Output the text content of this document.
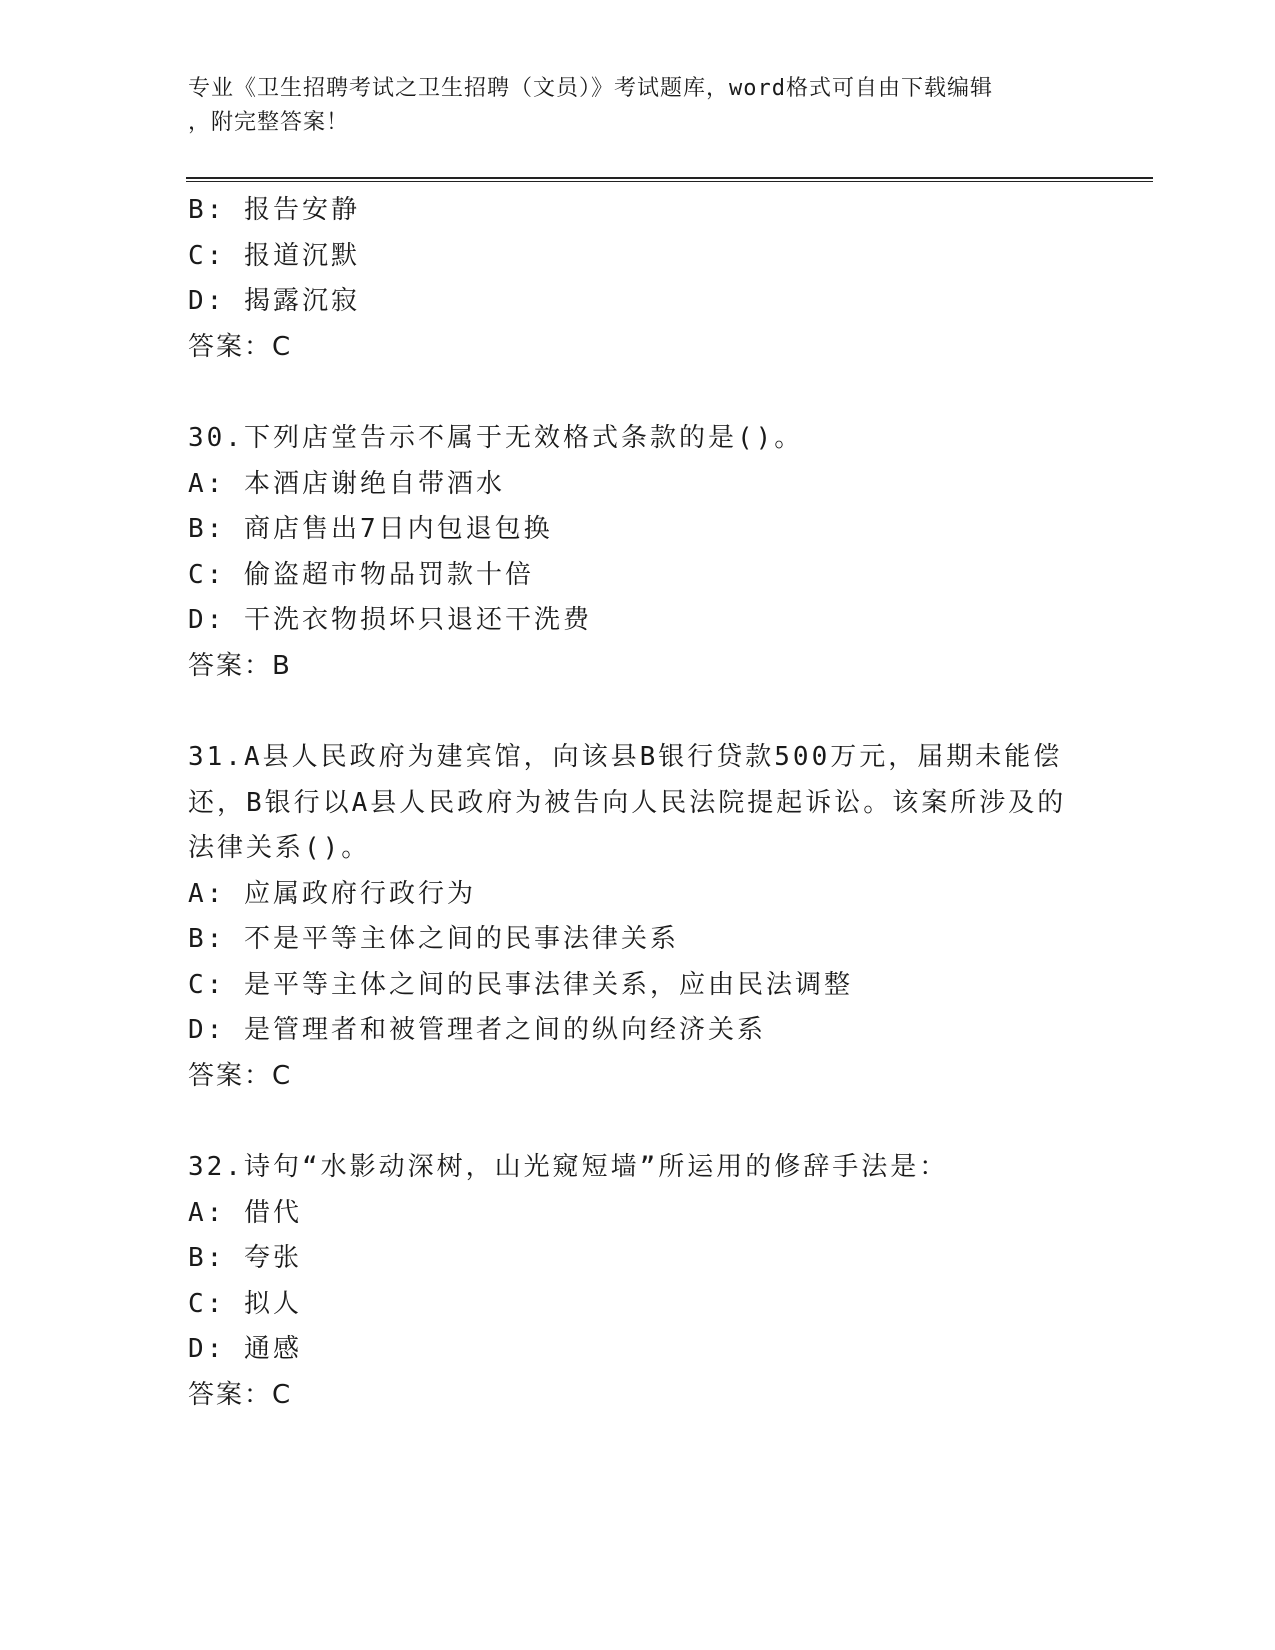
专业《卫生招聘考试之卫生招聘（文员）》考试题库，word格式可自由下载编辑
，附完整答案！
B: 报告安静
C: 报道沉默
D: 揭露沉寂
答案：C
30.下列店堂告示不属于无效格式条款的是()。
A: 本酒店谢绝自带酒水
B: 商店售出7日内包退包换
C: 偷盗超市物品罚款十倍
D: 干洗衣物损坏只退还干洗费
答案：B
31.A县人民政府为建宾馆，向该县B银行贷款500万元，届期未能偿
还，B银行以A县人民政府为被告向人民法院提起诉讼。该案所涉及的
法律关系()。
A: 应属政府行政行为
B: 不是平等主体之间的民事法律关系
C: 是平等主体之间的民事法律关系，应由民法调整
D: 是管理者和被管理者之间的纵向经济关系
答案：C
32.诗句“水影动深树，山光窥短墙”所运用的修辞手法是：
A: 借代
B: 夸张
C: 拟人
D: 通感
答案：C
